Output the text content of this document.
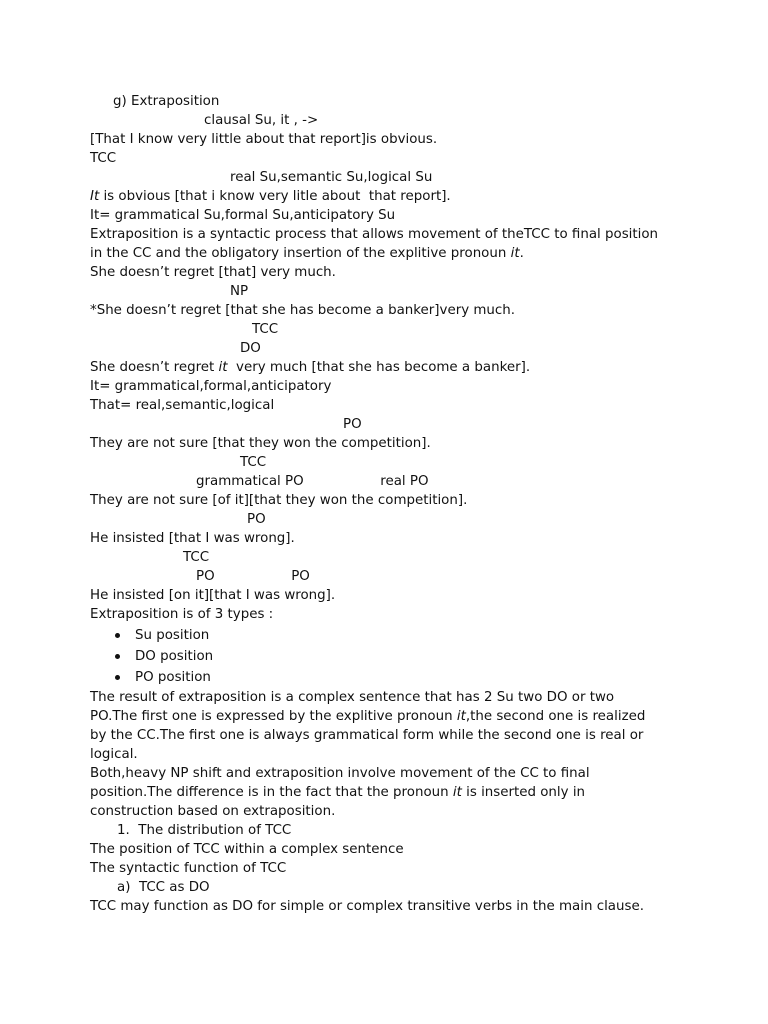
g) Extraposition
clausal Su, it , ->
[That I know very little about that report]is obvious.
TCC
real Su,semantic Su,logical Su
It is obvious [that i know very litle about  that report].
It= grammatical Su,formal Su,anticipatory Su
Extraposition is a syntactic process that allows movement of theTCC to final position
in the CC and the obligatory insertion of the explitive pronoun it.
She doesn’t regret [that] very much.
NP
*She doesn’t regret [that she has become a banker]very much.
TCC
DO
She doesn’t regret it  very much [that she has become a banker].
It= grammatical,formal,anticipatory
That= real,semantic,logical
PO
They are not sure [that they won the competition].
TCC
grammatical PO                  real PO
They are not sure [of it][that they won the competition].
PO
He insisted [that I was wrong].
TCC
PO                  PO
He insisted [on it][that I was wrong].
Extraposition is of 3 types :
Su position
DO position
PO position
The result of extraposition is a complex sentence that has 2 Su two DO or two
PO.The first one is expressed by the explitive pronoun it,the second one is realized
by the CC.The first one is always grammatical form while the second one is real or
logical.
Both,heavy NP shift and extraposition involve movement of the CC to final
position.The difference is in the fact that the pronoun it is inserted only in
construction based on extraposition.
1.  The distribution of TCC
The position of TCC within a complex sentence
The syntactic function of TCC
a)  TCC as DO
TCC may function as DO for simple or complex transitive verbs in the main clause.
